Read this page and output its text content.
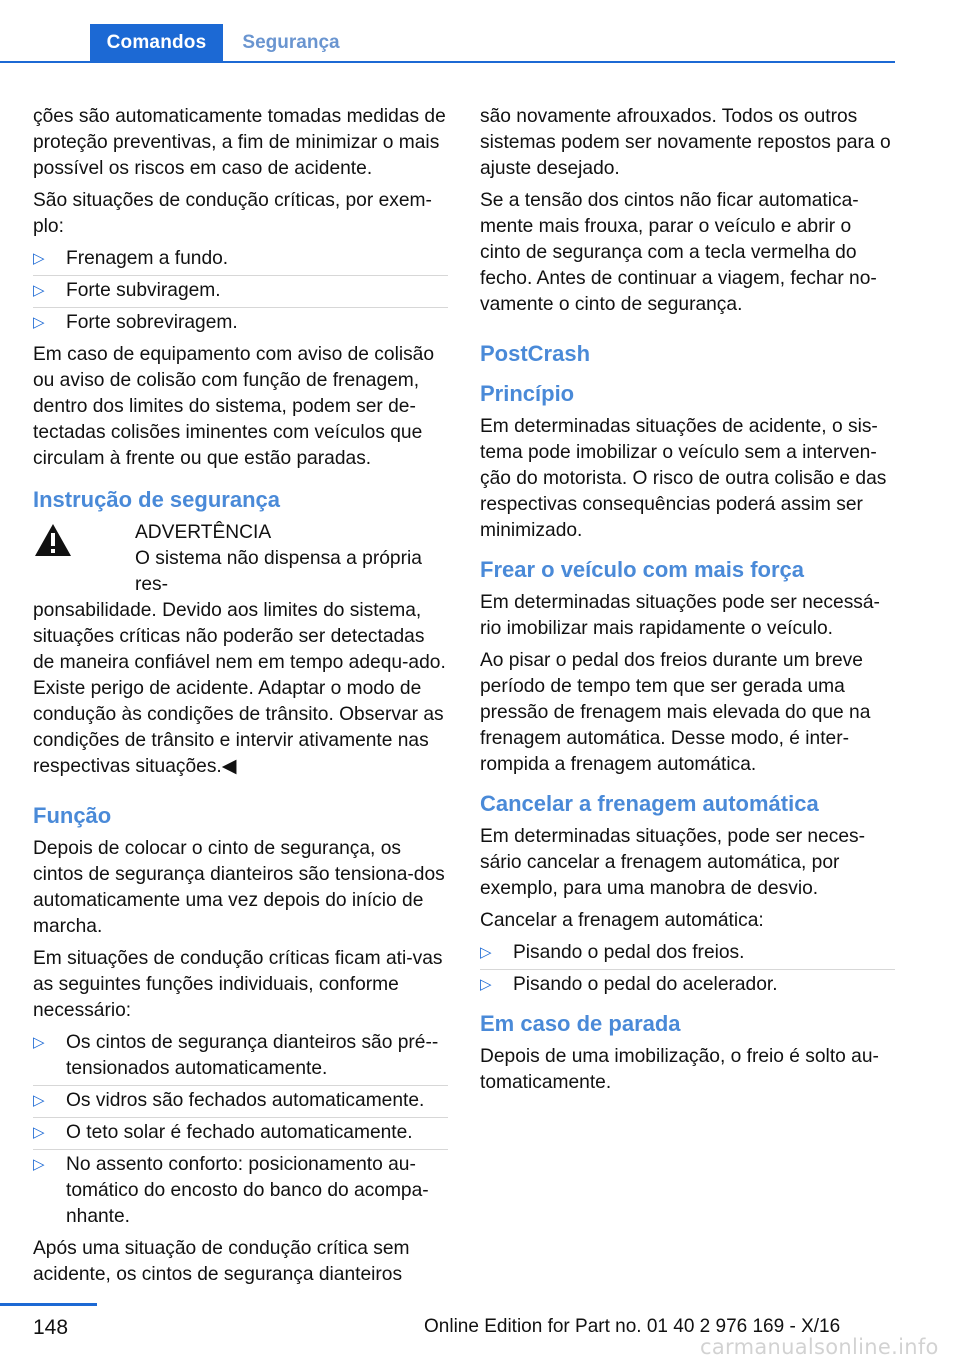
Comandos	Segurança

ções são automaticamente tomadas medidas de proteção preventivas, a fim de minimizar o mais possível os riscos em caso de acidente.

São situações de condução críticas, por exem‐plo:

▷	Frenagem a fundo.
▷	Forte subviragem.
▷	Forte sobreviragem.

Em caso de equipamento com aviso de colisão ou aviso de colisão com função de frenagem, dentro dos limites do sistema, podem ser de‐tectadas colisões iminentes com veículos que circulam à frente ou que estão paradas.

Instrução de segurança
ADVERTÊNCIA
O sistema não dispensa a própria res‐
ponsabilidade. Devido aos limites do sistema, situações críticas não poderão ser detectadas de maneira confiável nem em tempo adequ‐ado. Existe perigo de acidente. Adaptar o modo de condução às condições de trânsito. Observar as condições de trânsito e intervir ativamente nas respectivas situações.◀
Função

Depois de colocar o cinto de segurança, os cintos de segurança dianteiros são tensiona‐dos automaticamente uma vez depois do início de marcha.

Em situações de condução críticas ficam ati‐vas as seguintes funções individuais, conforme necessário:

▷	Os cintos de segurança dianteiros são pré‐-tensionados automaticamente.
▷	Os vidros são fechados automaticamente.
▷	O teto solar é fechado automaticamente.
▷	No assento conforto: posicionamento au‐tomático do encosto do banco do acompa‐nhante.

Após uma situação de condução crítica sem acidente, os cintos de segurança dianteiros

são novamente afrouxados. Todos os outros sistemas podem ser novamente repostos para o ajuste desejado.

Se a tensão dos cintos não ficar automatica‐mente mais frouxa, parar o veículo e abrir o cinto de segurança com a tecla vermelha do fecho. Antes de continuar a viagem, fechar no‐vamente o cinto de segurança.

PostCrash
Princípio

Em determinadas situações de acidente, o sis‐tema pode imobilizar o veículo sem a interven‐ção do motorista. O risco de outra colisão e das respectivas consequências poderá assim ser minimizado.

Frear o veículo com mais força

Em determinadas situações pode ser necessá‐rio imobilizar mais rapidamente o veículo.

Ao pisar o pedal dos freios durante um breve período de tempo tem que ser gerada uma pressão de frenagem mais elevada do que na frenagem automática. Desse modo, é inter‐rompida a frenagem automática.

Cancelar a frenagem automática

Em determinadas situações, pode ser neces‐sário cancelar a frenagem automática, por exemplo, para uma manobra de desvio.

Cancelar a frenagem automática:

▷	Pisando o pedal dos freios.
▷	Pisando o pedal do acelerador.
Em caso de parada

Depois de uma imobilização, o freio é solto au‐tomaticamente.

148	Online Edition for Part no. 01 40 2 976 169 - X/16
carmanualsonline.info
